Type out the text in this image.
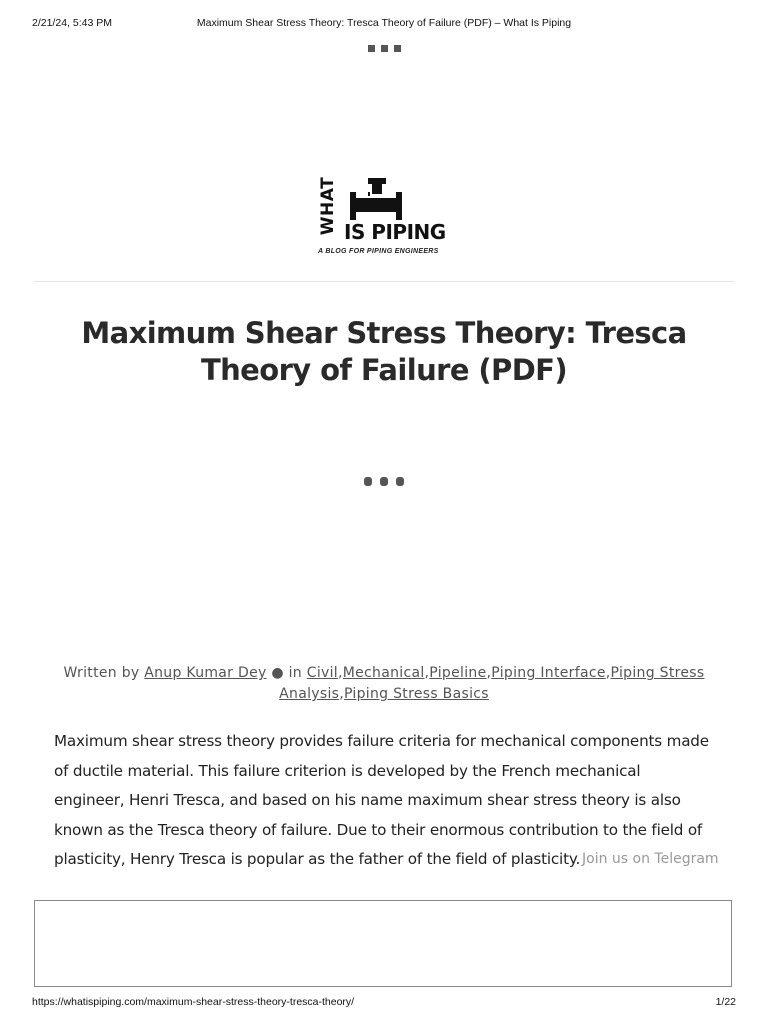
2/21/24, 5:43 PM	Maximum Shear Stress Theory: Tresca Theory of Failure (PDF) – What Is Piping
WHAT IS PIPING
A BLOG FOR PIPING ENGINEERS
Maximum Shear Stress Theory: Tresca Theory of Failure (PDF)
Written by Anup Kumar Dey ● in Civil,Mechanical,Pipeline,Piping Interface,Piping Stress Analysis,Piping Stress Basics

Maximum shear stress theory provides failure criteria for mechanical components made of ductile material. This failure criterion is developed by the French mechanical engineer, Henri Tresca, and based on his name maximum shear stress theory is also known as the Tresca theory of failure. Due to their enormous contribution to the field of plasticity, Henry Tresca is popular as the father of the field of plasticity. Join us on Telegram
https://whatispiping.com/maximum-shear-stress-theory-tresca-theory/	1/22
